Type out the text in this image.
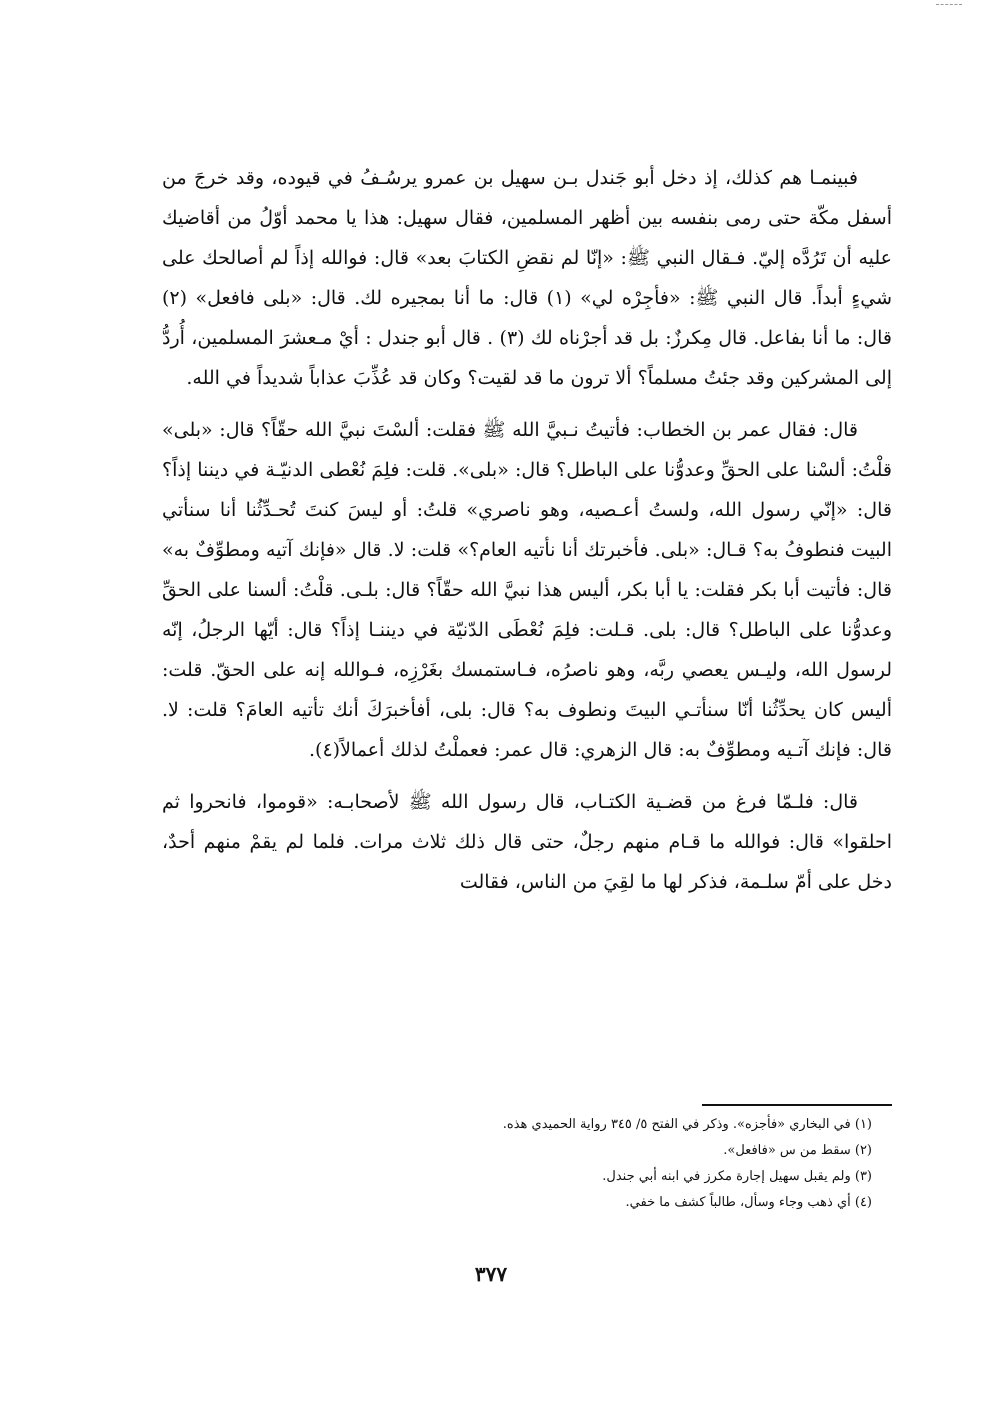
فبينمـا هم كذلك، إذ دخل أبو جَندل بـن سهيل بن عمرو يرسُـفُ في قيوده، وقد خرجَ من أسفل مكّة حتى رمى بنفسه بين أظهر المسلمين، فقال سهيل: هذا يا محمد أوّلُ من أقاضيك عليه أن تَرُدَّه إليّ. فـقال النبي ﷺ: «إنّا لم نقضِ الكتابَ بعد» قال: فوالله إذاً لم أصالحك على شيءٍ أبداً. قال النبي ﷺ: «فأجِرْه لي» (١) قال: ما أنا بمجيره لك. قال: «بلى فافعل» (٢) قال: ما أنا بفاعل. قال مِكرزٌ: بل قد أجرْناه لك (٣) . قال أبو جندل : أيْ مـعشرَ المسلمين، أُردُّ إلى المشركين وقد جئتُ مسلماً؟ ألا ترون ما قد لقيت؟ وكان قد عُذِّبَ عذاباً شديداً في الله.

قال: فقال عمر بن الخطاب: فأتيتُ نـبيَّ الله ﷺ فقلت: ألسْتَ نبيَّ الله حقّاً؟ قال: «بلى» قلْتُ: ألسْنا على الحقِّ وعدوُّنا على الباطل؟ قال: «بلى». قلت: فلِمَ نُعْطى الدنيّـة في ديننا إذاً؟ قال: «إنّي رسول الله، ولستُ أعـصيه، وهو ناصري» قلتُ: أو ليسَ كنتَ تُحـدِّثُنا أنا سنأتي البيت فنطوفُ به؟ قـال: «بلى. فأخبرتك أنا نأتيه العام؟» قلت: لا. قال «فإنك آتيه ومطوِّفٌ به» قال: فأتيت أبا بكر فقلت: يا أبا بكر، أليس هذا نبيَّ الله حقّاً؟ قال: بلـى. قلْتُ: ألسنا على الحقِّ وعدوُّنا على الباطل؟ قال: بلى. قـلت: فلِمَ نُعْطَى الدّنيّة في ديننـا إذاً؟ قال: أيّها الرجلُ، إنّه لرسول الله، وليـس يعصي ربَّه، وهو ناصرُه، فـاستمسك بغَرْزِه، فـوالله إنه على الحقّ. قلت: أليس كان يحدِّثُنا أنّا سنأتـي البيتَ ونطوف به؟ قال: بلى، أفأخبرَكَ أنك تأتيه العامَ؟ قلت: لا. قال: فإنك آتـيه ومطوِّفٌ به: قال الزهري: قال عمر: فعملْتُ لذلك أعمالاً(٤).

قال: فلـمّا فرغ من قضـية الكتـاب، قال رسول الله ﷺ لأصحابـه: «قوموا، فانحروا ثم احلقوا» قال: فوالله ما قـام منهم رجلٌ، حتى قال ذلك ثلاث مرات. فلما لم يقمْ منهم أحدٌ، دخل على أمّ سلـمة، فذكر لها ما لقِيَ من الناس، فقالت

(١) في البخاري «فأجزه». وذكر في الفتح ٥/ ٣٤٥ رواية الحميدي هذه.
(٢) سقط من س «فافعل».
(٣) ولم يقبل سهيل إجارة مكرز في ابنه أبي جندل.
(٤) أي ذهب وجاء وسأل، طالباً كشف ما خفي.
٣٧٧
